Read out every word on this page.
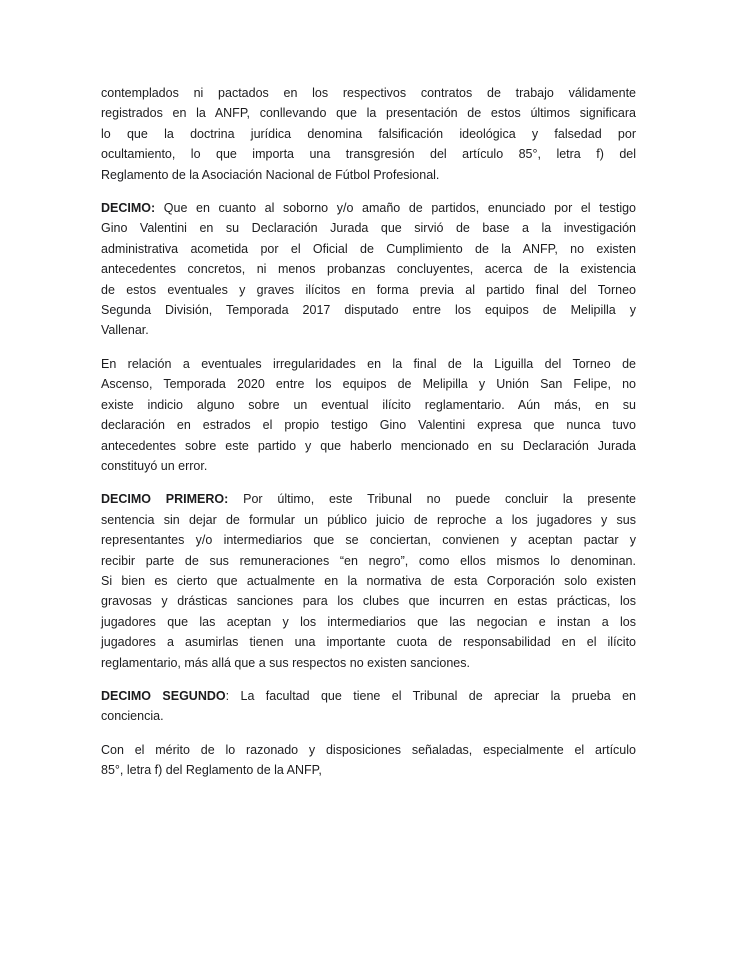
contemplados ni pactados en los respectivos contratos de trabajo válidamente
registrados en la ANFP, conllevando que la presentación de estos últimos significara
lo que la doctrina jurídica denomina falsificación ideológica y falsedad por
ocultamiento, lo que importa una transgresión del artículo 85°, letra f) del
Reglamento de la Asociación Nacional de Fútbol Profesional.
DECIMO: Que en cuanto al soborno y/o amaño de partidos, enunciado por el testigo
Gino Valentini en su Declaración Jurada que sirvió de base a la investigación
administrativa acometida por el Oficial de Cumplimiento de la ANFP, no existen
antecedentes concretos, ni menos probanzas concluyentes, acerca de la existencia
de estos eventuales y graves ilícitos en forma previa al partido final del Torneo
Segunda División, Temporada 2017 disputado entre los equipos de Melipilla y
Vallenar.
En relación a eventuales irregularidades en la final de la Liguilla del Torneo de
Ascenso, Temporada 2020 entre los equipos de Melipilla y Unión San Felipe, no
existe indicio alguno sobre un eventual ilícito reglamentario. Aún más, en su
declaración en estrados el propio testigo Gino Valentini expresa que nunca tuvo
antecedentes sobre este partido y que haberlo mencionado en su Declaración Jurada
constituyó un error.
DECIMO PRIMERO: Por último, este Tribunal no puede concluir la presente
sentencia sin dejar de formular un público juicio de reproche a los jugadores y sus
representantes y/o intermediarios que se conciertan, convienen y aceptan pactar y
recibir parte de sus remuneraciones “en negro”, como ellos mismos lo denominan.
Si bien es cierto que actualmente en la normativa de esta Corporación solo existen
gravosas y drásticas sanciones para los clubes que incurren en estas prácticas, los
jugadores que las aceptan y los intermediarios que las negocian e instan a los
jugadores a asumirlas tienen una importante cuota de responsabilidad en el ilícito
reglamentario, más allá que a sus respectos no existen sanciones.
DECIMO SEGUNDO: La facultad que tiene el Tribunal de apreciar la prueba en
conciencia.
Con el mérito de lo razonado y disposiciones señaladas, especialmente el artículo
85°, letra f) del Reglamento de la ANFP,
